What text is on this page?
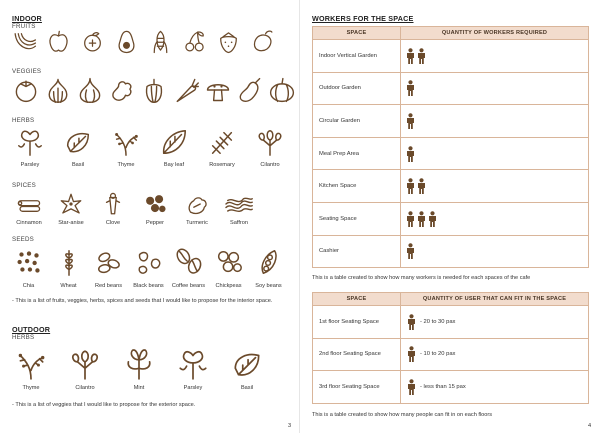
INDOOR
FRUITS
VEGGIES
HERBS
Parsley	Basil	Thyme	Bay leaf	Rosemary	Cilantro
SPICES
Cinnamon	Star-anise	Clove	Pepper	Turmeric	Saffron
SEEDS
Chia	Wheat	Red beans Black beans Coffee beans Chickpeas Soy beans
- This is a list of fruits, veggies, herbs, spices and seeds that I would like to propose for the interior space.
OUTDOOR
HERBS
Thyme	Cilantro	Mint	Parsley	Basil
- This is a list of veggies that I would like to propose for the exterior space.
3
WORKERS FOR THE SPACE
SPACE	QUANTITY OF WORKERS REQUIRED
Indoor Vertical Garden	

Outdoor Garden	

Circular Garden	

Meal Prep Area	

Kitchen Space	

Seating Space	

Cashier	
This is a table created to show how many workers is needed for each spaces of the cafe
SPACE	QUANTITY OF USER THAT CAN FIT IN THE SPACE
1st floor Seating Space	- 20 to 30 pax

2nd floor Seating Space	- 10 to 20 pax

3rd floor Seating Space	- less than 15 pax
This is a table created to show how many people can fit in on each floors
4
